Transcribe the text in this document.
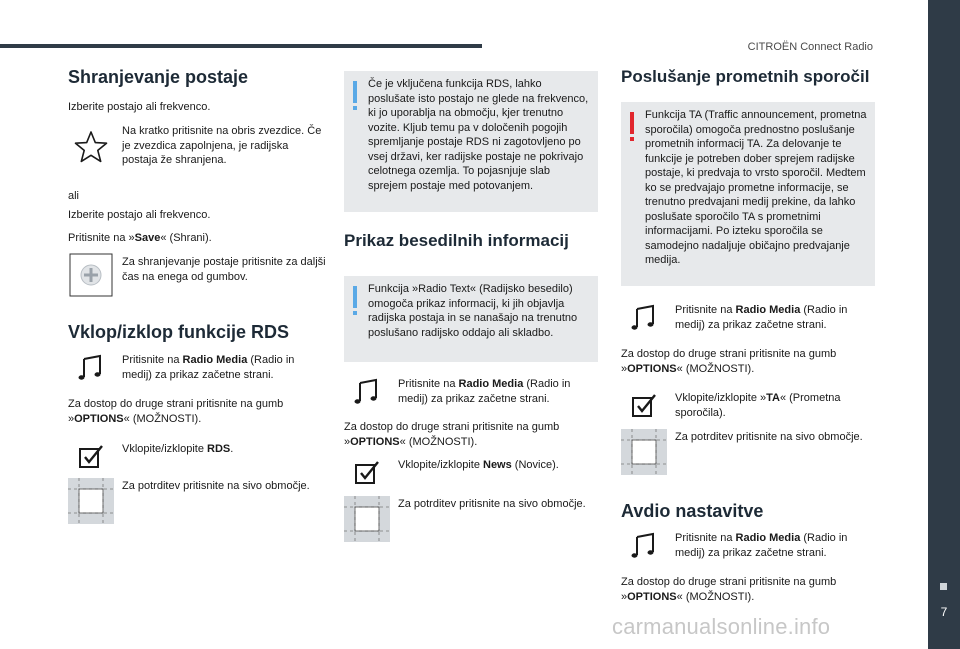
CITROËN Connect Radio
7
carmanualsonline.info
Shranjevanje postaje

Izberite postajo ali frekvenco.

Na kratko pritisnite na obris zvezdice. Če je zvezdica zapolnjena, je radijska postaja že shranjena.

ali

Izberite postajo ali frekvenco.

Pritisnite na »Save« (Shrani).

Za shranjevanje postaje pritisnite za daljši čas na enega od gumbov.

Vklop/izklop funkcije RDS

Pritisnite na Radio Media (Radio in medij) za prikaz začetne strani.

Za dostop do druge strani pritisnite na gumb »OPTIONS« (MOŽNOSTI).

Vklopite/izklopite RDS.

Za potrditev pritisnite na sivo območje.

Če je vključena funkcija RDS, lahko poslušate isto postajo ne glede na frekvenco, ki jo uporablja na območju, kjer trenutno vozite. Kljub temu pa v določenih pogojih spremljanje postaje RDS ni zagotovljeno po vsej državi, ker radijske postaje ne pokrivajo celotnega ozemlja. To pojasnjuje slab sprejem postaje med potovanjem.

Prikaz besedilnih informacij

Funkcija »Radio Text« (Radijsko besedilo) omogoča prikaz informacij, ki jih objavlja radijska postaja in se nanašajo na trenutno poslušano radijsko oddajo ali skladbo.

Pritisnite na Radio Media (Radio in medij) za prikaz začetne strani.

Za dostop do druge strani pritisnite na gumb »OPTIONS« (MOŽNOSTI).

Vklopite/izklopite News (Novice).

Za potrditev pritisnite na sivo območje.

Poslušanje prometnih sporočil

Funkcija TA (Traffic announcement, prometna sporočila) omogoča prednostno poslušanje prometnih informacij TA. Za delovanje te funkcije je potreben dober sprejem radijske postaje, ki predvaja to vrsto sporočil. Medtem ko se predvajajo prometne informacije, se trenutno predvajani medij prekine, da lahko poslušate sporočilo TA s prometnimi informacijami. Po izteku sporočila se samodejno nadaljuje običajno predvajanje medija.

Pritisnite na Radio Media (Radio in medij) za prikaz začetne strani.

Za dostop do druge strani pritisnite na gumb »OPTIONS« (MOŽNOSTI).

Vklopite/izklopite »TA« (Prometna sporočila).

Za potrditev pritisnite na sivo območje.

Avdio nastavitve

Pritisnite na Radio Media (Radio in medij) za prikaz začetne strani.

Za dostop do druge strani pritisnite na gumb »OPTIONS« (MOŽNOSTI).
